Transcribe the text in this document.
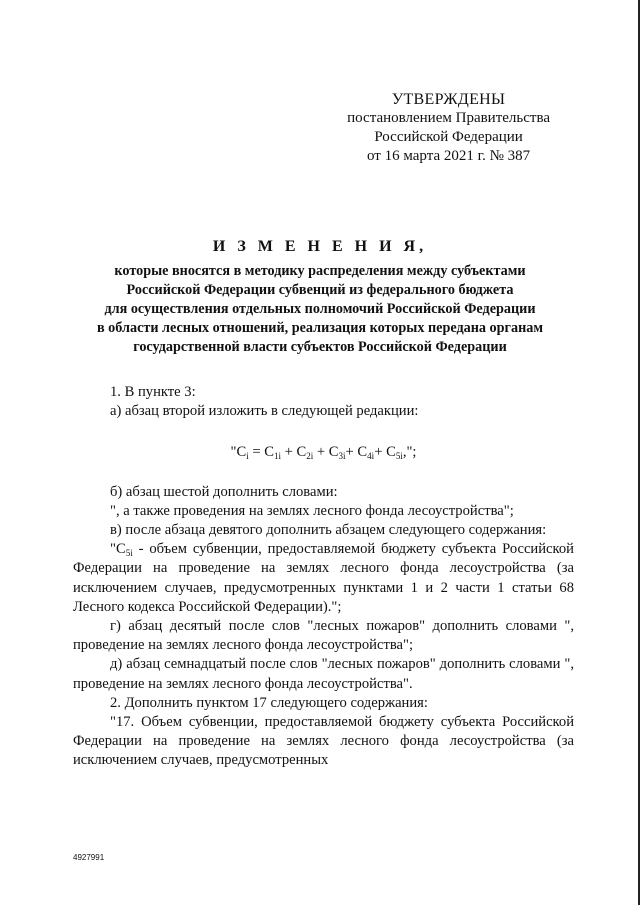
УТВЕРЖДЕНЫ
постановлением Правительства
Российской Федерации
от 16 марта 2021 г. № 387
И З М Е Н Е Н И Я,
которые вносятся в методику распределения между субъектами
Российской Федерации субвенций из федерального бюджета
для осуществления отдельных полномочий Российской Федерации
в области лесных отношений, реализация которых передана органам
государственной власти субъектов Российской Федерации

1. В пункте 3:

а) абзац второй изложить в следующей редакции:

"$C_i = C_{1i} + C_{2i} + C_{3i}+ C_{4i}+ C_{5i}$,";

б) абзац шестой дополнить словами:

", а также проведения на землях лесного фонда лесоустройства";

в) после абзаца девятого дополнить абзацем следующего содержания:

"$C_{5i}$ - объем субвенции, предоставляемой бюджету субъекта Российской Федерации на проведение на землях лесного фонда лесоустройства (за исключением случаев, предусмотренных пунктами 1 и 2 части 1 статьи 68 Лесного кодекса Российской Федерации).";

г) абзац десятый после слов "лесных пожаров" дополнить словами ", проведение на землях лесного фонда лесоустройства";

д) абзац семнадцатый после слов "лесных пожаров" дополнить словами ", проведение на землях лесного фонда лесоустройства".

2. Дополнить пунктом 17 следующего содержания:

"17. Объем субвенции, предоставляемой бюджету субъекта Российской Федерации на проведение на землях лесного фонда лесоустройства (за исключением случаев, предусмотренных

4927991
